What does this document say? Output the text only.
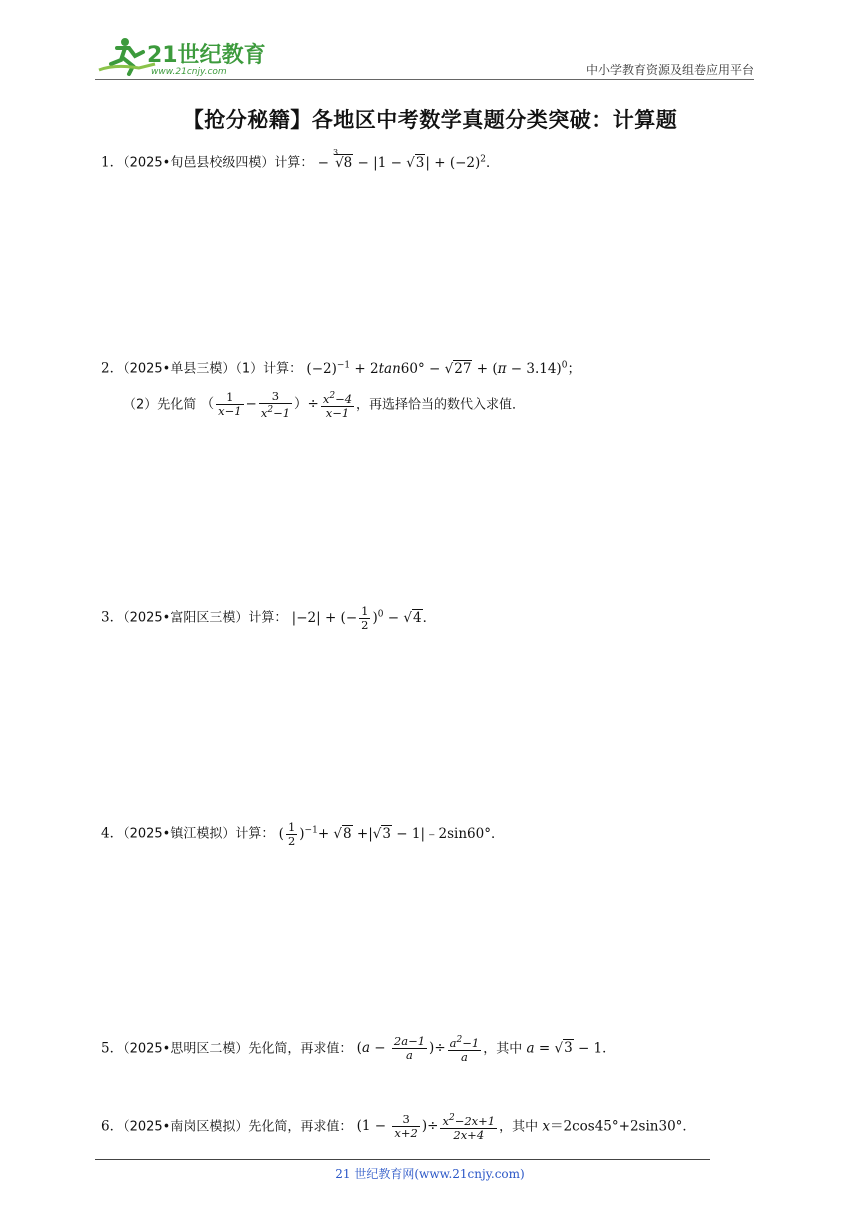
21世纪教育
www.21cnjy.com	中小学教育资源及组卷应用平台
【抢分秘籍】各地区中考数学真题分类突破：计算题
1．（2025•旬邑县校级四模）计算： $-^3√8 - |1 - √3| + (-2)^2$．
2．（2025•单县三模）（1）计算： $(-2)^{-1} + 2\tan 60^\circ - √27 + (\pi - 3.14)^0$；
（2）先化简 （ $\frac{1}{x-1} - \frac{3}{x^2-1}$ ）÷ $\frac{x^2-4}{x-1}$ ，再选择恰当的数代入求值．
3．（2025•富阳区三模）计算： |−2| + (− $\frac{1}{2} )^0 - √4$．
4．（2025•镇江模拟）计算： ( $\frac{1}{2} )^{-1}+ √8 +|√3$ − 1|﹣2sin60°．
5．（2025•思明区二模）先化简，再求值： ($a - \frac{2a-1}{a}$ )÷ $\frac{a^2-1}{a}$ ，其中 a = √3 − 1．
6．（2025•南岗区模拟）先化简，再求值： ($1 - \frac{3}{x+2}$ )÷ $\frac{x^2-2x+1}{2x+4}$ ，其中 x＝2cos45°+2sin30°．
21 世纪教育网(www.21cnjy.com)
